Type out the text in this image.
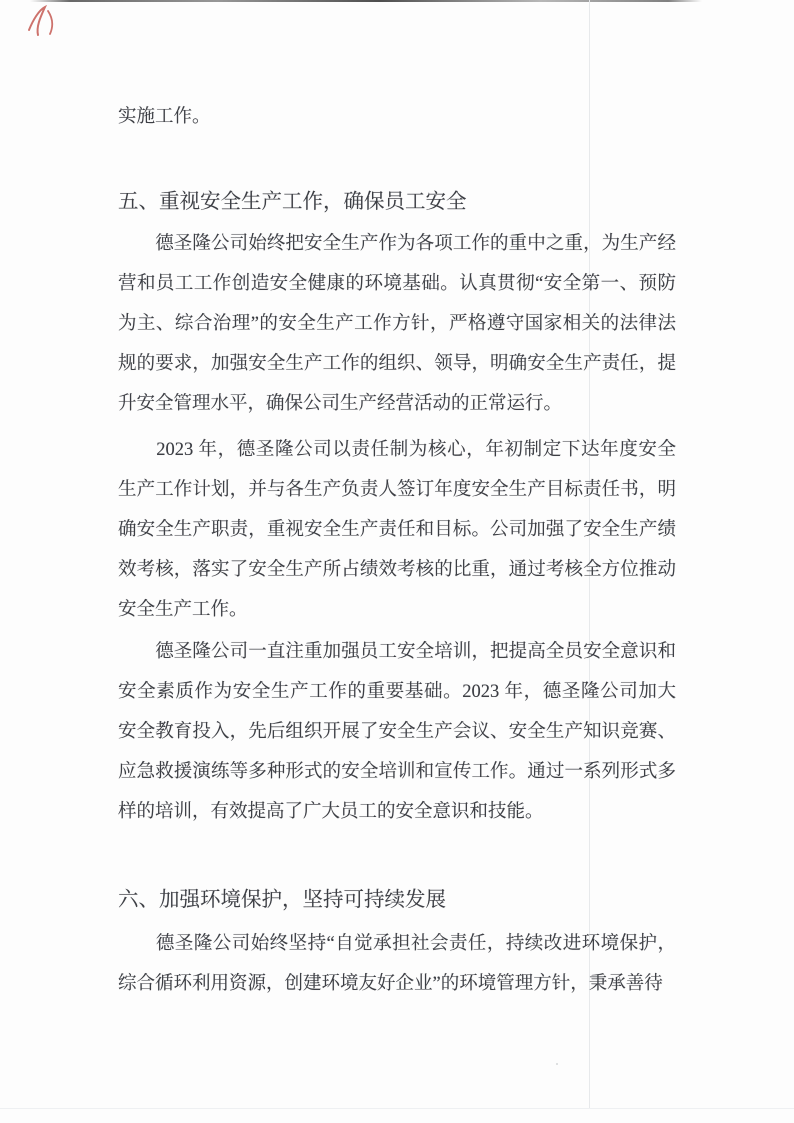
实施工作。
五、重视安全生产工作，确保员工安全
　　德圣隆公司始终把安全生产作为各项工作的重中之重，为生产经
营和员工工作创造安全健康的环境基础。认真贯彻“安全第一、预防
为主、综合治理”的安全生产工作方针，严格遵守国家相关的法律法
规的要求，加强安全生产工作的组织、领导，明确安全生产责任，提
升安全管理水平，确保公司生产经营活动的正常运行。
　　2023 年，德圣隆公司以责任制为核心，年初制定下达年度安全
生产工作计划，并与各生产负责人签订年度安全生产目标责任书，明
确安全生产职责，重视安全生产责任和目标。公司加强了安全生产绩
效考核，落实了安全生产所占绩效考核的比重，通过考核全方位推动
安全生产工作。
　　德圣隆公司一直注重加强员工安全培训，把提高全员安全意识和
安全素质作为安全生产工作的重要基础。2023 年，德圣隆公司加大
安全教育投入，先后组织开展了安全生产会议、安全生产知识竞赛、
应急救援演练等多种形式的安全培训和宣传工作。通过一系列形式多
样的培训，有效提高了广大员工的安全意识和技能。
六、加强环境保护，坚持可持续发展
　　德圣隆公司始终坚持“自觉承担社会责任，持续改进环境保护，
综合循环利用资源，创建环境友好企业”的环境管理方针，秉承善待
